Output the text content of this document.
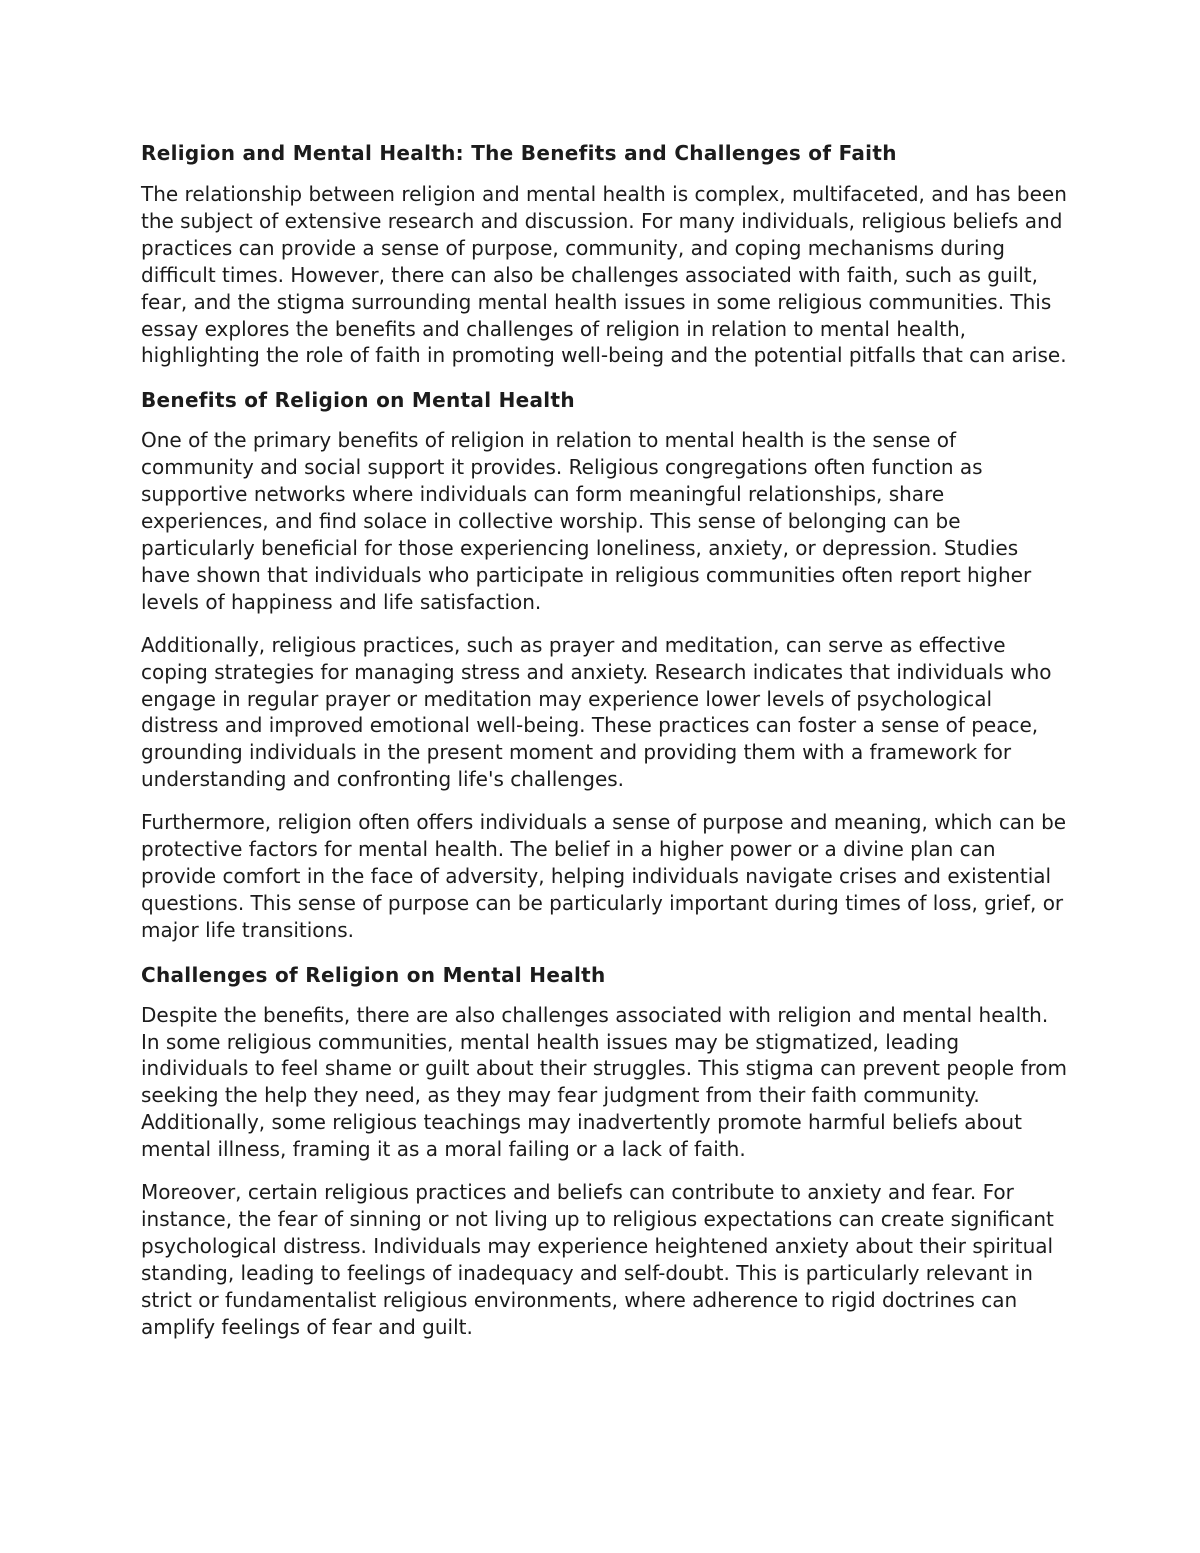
Religion and Mental Health: The Benefits and Challenges of Faith

The relationship between religion and mental health is complex, multifaceted, and has been the subject of extensive research and discussion. For many individuals, religious beliefs and practices can provide a sense of purpose, community, and coping mechanisms during difficult times. However, there can also be challenges associated with faith, such as guilt, fear, and the stigma surrounding mental health issues in some religious communities. This essay explores the benefits and challenges of religion in relation to mental health, highlighting the role of faith in promoting well-being and the potential pitfalls that can arise.

Benefits of Religion on Mental Health

One of the primary benefits of religion in relation to mental health is the sense of community and social support it provides. Religious congregations often function as supportive networks where individuals can form meaningful relationships, share experiences, and find solace in collective worship. This sense of belonging can be particularly beneficial for those experiencing loneliness, anxiety, or depression. Studies have shown that individuals who participate in religious communities often report higher levels of happiness and life satisfaction.

Additionally, religious practices, such as prayer and meditation, can serve as effective coping strategies for managing stress and anxiety. Research indicates that individuals who engage in regular prayer or meditation may experience lower levels of psychological distress and improved emotional well-being. These practices can foster a sense of peace, grounding individuals in the present moment and providing them with a framework for understanding and confronting life's challenges.

Furthermore, religion often offers individuals a sense of purpose and meaning, which can be protective factors for mental health. The belief in a higher power or a divine plan can provide comfort in the face of adversity, helping individuals navigate crises and existential questions. This sense of purpose can be particularly important during times of loss, grief, or major life transitions.

Challenges of Religion on Mental Health

Despite the benefits, there are also challenges associated with religion and mental health. In some religious communities, mental health issues may be stigmatized, leading individuals to feel shame or guilt about their struggles. This stigma can prevent people from seeking the help they need, as they may fear judgment from their faith community. Additionally, some religious teachings may inadvertently promote harmful beliefs about mental illness, framing it as a moral failing or a lack of faith.

Moreover, certain religious practices and beliefs can contribute to anxiety and fear. For instance, the fear of sinning or not living up to religious expectations can create significant psychological distress. Individuals may experience heightened anxiety about their spiritual standing, leading to feelings of inadequacy and self-doubt. This is particularly relevant in strict or fundamentalist religious environments, where adherence to rigid doctrines can amplify feelings of fear and guilt.
